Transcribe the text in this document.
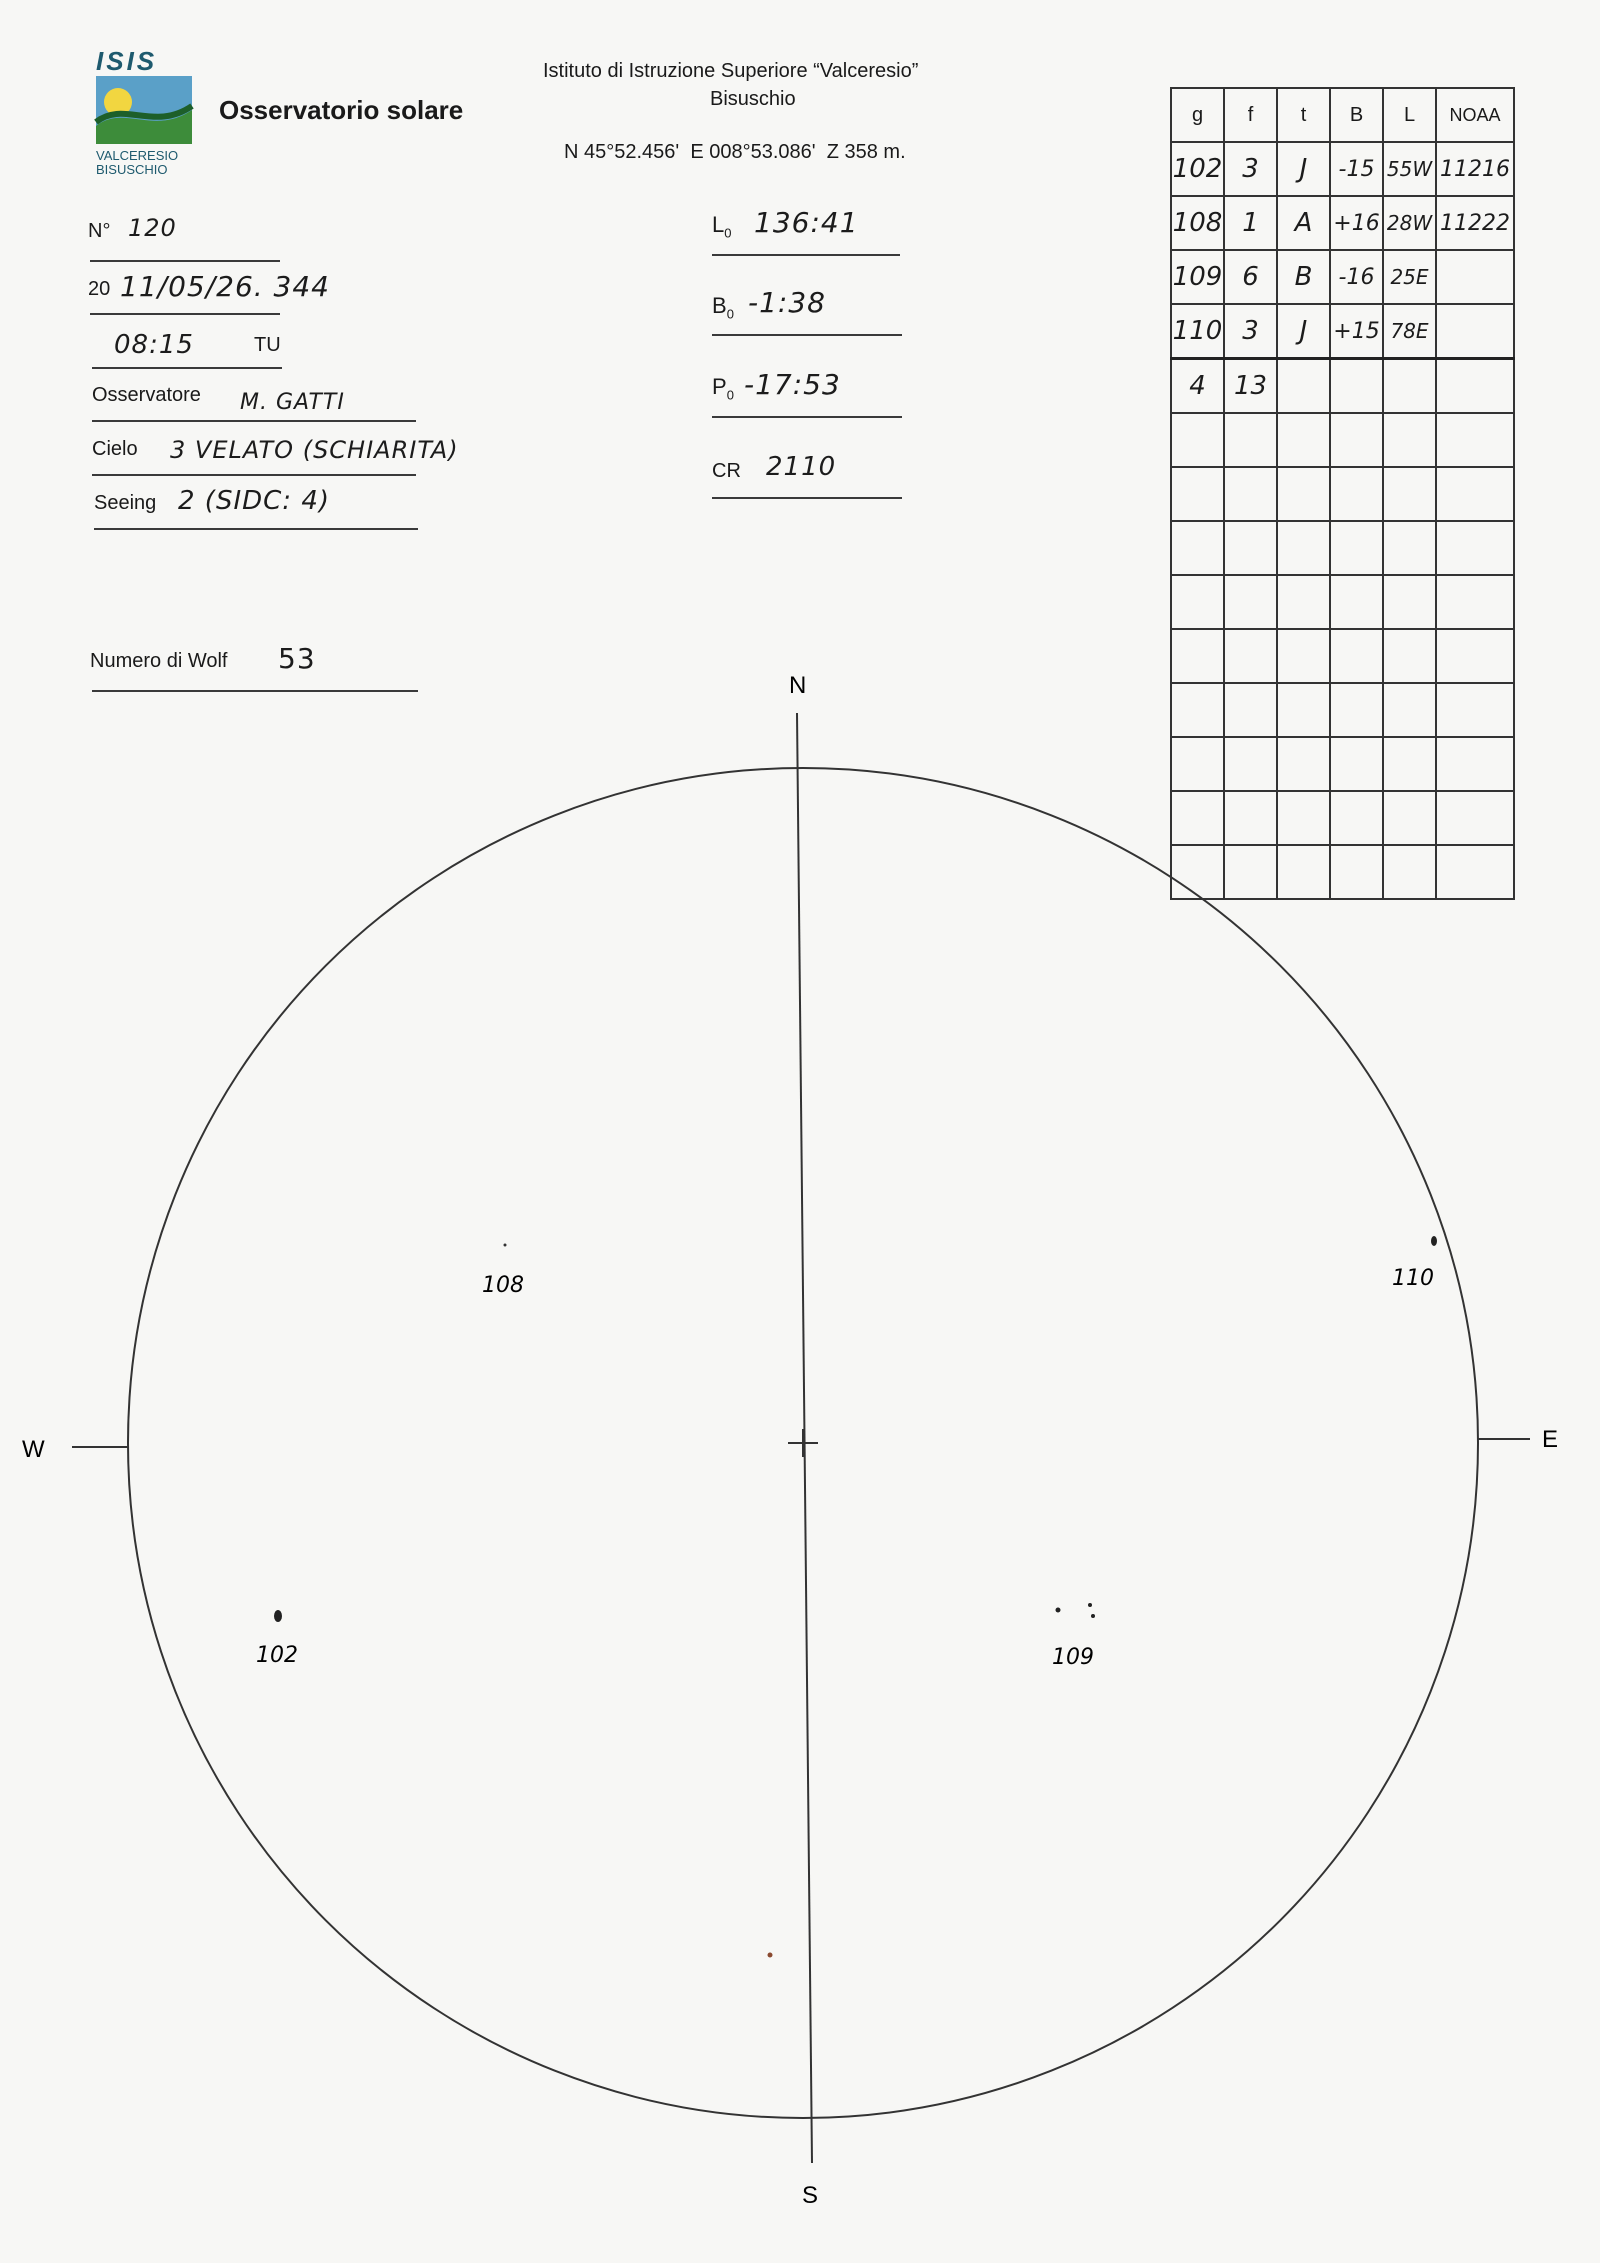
ISIS
VALCERESIO
BISUSCHIO
Osservatorio solare
Istituto di Istruzione Superiore “Valceresio”
Bisuschio
N 45°52.456'  E 008°53.086'  Z 358 m.
N° 120
20 11/05/26. 344
08:15	TU
Osservatore M. GATTI
Cielo 3 VELATO (SCHIARITA)
Seeing 2 (SIDC: 4)
Numero di Wolf 53
$L_0$ 136:41
$B_0$ -1:38
$P_0$ -17:53
CR 2110
g	f	t	B	L	NOAA
102	3	J	-15	55W	11216
108	1	A	+16	28W	11222
109	6	B	-16	25E	
110	3	J	+15	78E	
4	13				

N
S
W	E
108	110
102	109
